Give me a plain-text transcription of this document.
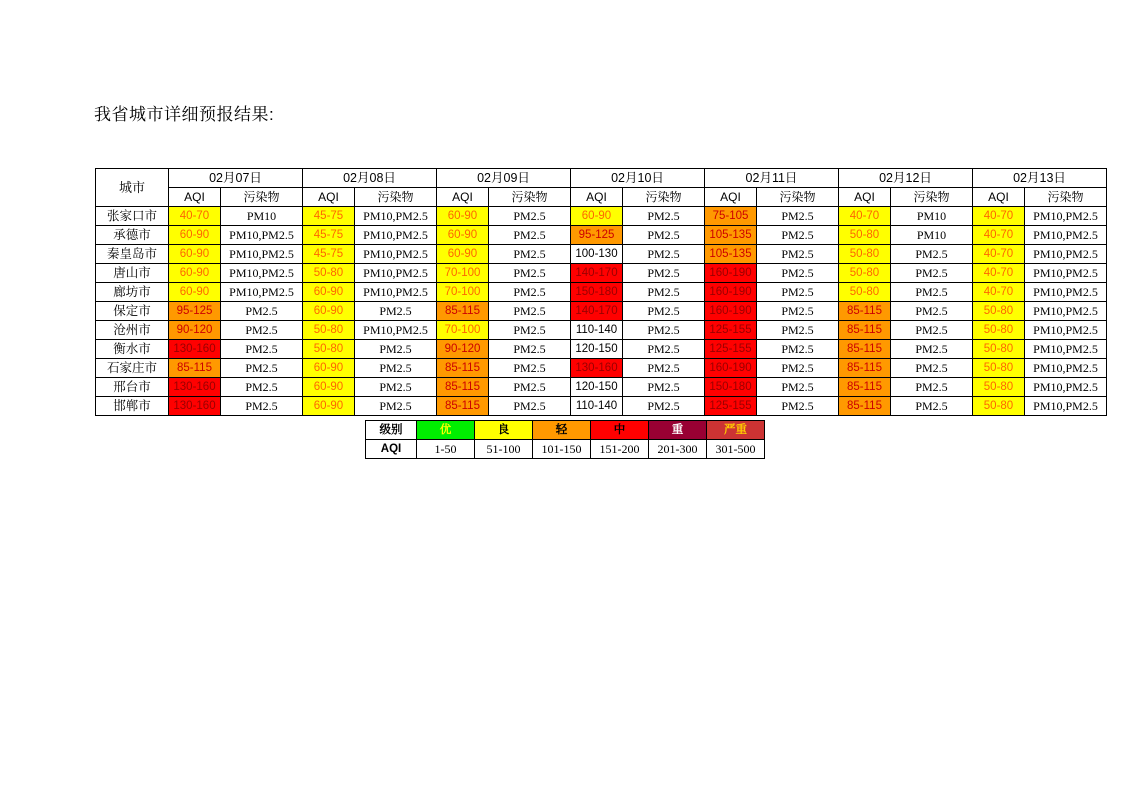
我省城市详细预报结果:
城市	02月07日		02月08日		02月09日		02月10日		02月11日		02月12日		02月13日	
	AQI	污染物	AQI	污染物	AQI	污染物	AQI	污染物	AQI	污染物	AQI	污染物	AQI	污染物
张家口市	40-70	PM10	45-75	PM10,PM2.5	60-90	PM2.5	60-90	PM2.5	75-105	PM2.5	40-70	PM10	40-70	PM10,PM2.5
承德市	60-90	PM10,PM2.5	45-75	PM10,PM2.5	60-90	PM2.5	95-125	PM2.5	105-135	PM2.5	50-80	PM10	40-70	PM10,PM2.5
秦皇岛市	60-90	PM10,PM2.5	45-75	PM10,PM2.5	60-90	PM2.5	100-130	PM2.5	105-135	PM2.5	50-80	PM2.5	40-70	PM10,PM2.5
唐山市	60-90	PM10,PM2.5	50-80	PM10,PM2.5	70-100	PM2.5	140-170	PM2.5	160-190	PM2.5	50-80	PM2.5	40-70	PM10,PM2.5
廊坊市	60-90	PM10,PM2.5	60-90	PM10,PM2.5	70-100	PM2.5	150-180	PM2.5	160-190	PM2.5	50-80	PM2.5	40-70	PM10,PM2.5
保定市	95-125	PM2.5	60-90	PM2.5	85-115	PM2.5	140-170	PM2.5	160-190	PM2.5	85-115	PM2.5	50-80	PM10,PM2.5
沧州市	90-120	PM2.5	50-80	PM10,PM2.5	70-100	PM2.5	110-140	PM2.5	125-155	PM2.5	85-115	PM2.5	50-80	PM10,PM2.5
衡水市	130-160	PM2.5	50-80	PM2.5	90-120	PM2.5	120-150	PM2.5	125-155	PM2.5	85-115	PM2.5	50-80	PM10,PM2.5
石家庄市	85-115	PM2.5	60-90	PM2.5	85-115	PM2.5	130-160	PM2.5	160-190	PM2.5	85-115	PM2.5	50-80	PM10,PM2.5
邢台市	130-160	PM2.5	60-90	PM2.5	85-115	PM2.5	120-150	PM2.5	150-180	PM2.5	85-115	PM2.5	50-80	PM10,PM2.5
邯郸市	130-160	PM2.5	60-90	PM2.5	85-115	PM2.5	110-140	PM2.5	125-155	PM2.5	85-115	PM2.5	50-80	PM10,PM2.5
级别	优	良	轻	中	重	严重
AQI	1-50	51-100	101-150	151-200	201-300	301-500
